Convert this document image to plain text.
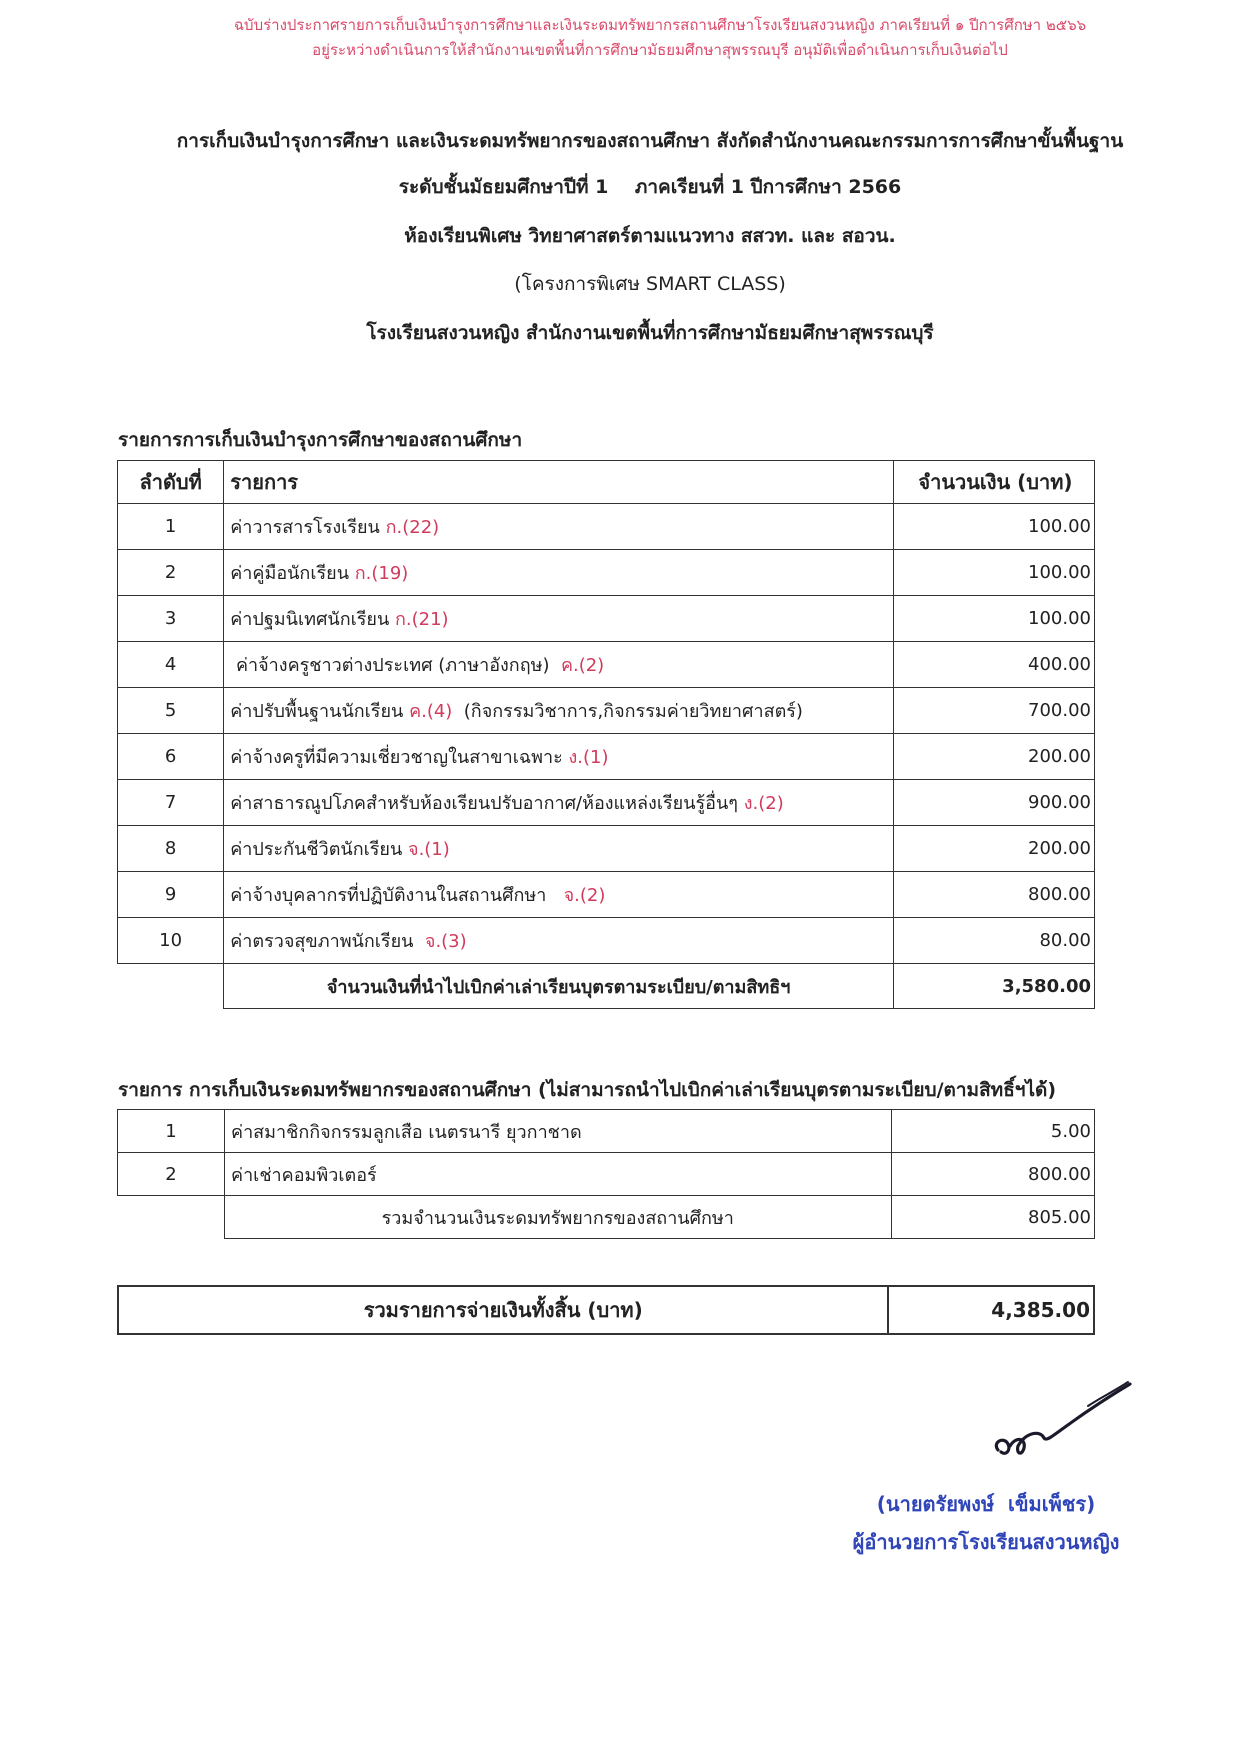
ฉบับร่างประกาศรายการเก็บเงินบำรุงการศึกษาและเงินระดมทรัพยากรสถานศึกษาโรงเรียนสงวนหญิง ภาคเรียนที่ ๑ ปีการศึกษา ๒๕๖๖
อยู่ระหว่างดำเนินการให้สำนักงานเขตพื้นที่การศึกษามัธยมศึกษาสุพรรณบุรี อนุมัติเพื่อดำเนินการเก็บเงินต่อไป
การเก็บเงินบำรุงการศึกษา และเงินระดมทรัพยากรของสถานศึกษา สังกัดสำนักงานคณะกรรมการการศึกษาขั้นพื้นฐาน
ระดับชั้นมัธยมศึกษาปีที่ 1    ภาคเรียนที่ 1 ปีการศึกษา 2566
ห้องเรียนพิเศษ วิทยาศาสตร์ตามแนวทาง สสวท. และ สอวน.
(โครงการพิเศษ SMART CLASS)
โรงเรียนสงวนหญิง สำนักงานเขตพื้นที่การศึกษามัธยมศึกษาสุพรรณบุรี
รายการการเก็บเงินบำรุงการศึกษาของสถานศึกษา
ลำดับที่	รายการ	จำนวนเงิน (บาท)
1	ค่าวารสารโรงเรียน ก.(22)	100.00
2	ค่าคู่มือนักเรียน ก.(19)	100.00
3	ค่าปฐมนิเทศนักเรียน ก.(21)	100.00
4	ค่าจ้างครูชาวต่างประเทศ (ภาษาอังกฤษ)  ค.(2)	400.00
5	ค่าปรับพื้นฐานนักเรียน ค.(4) (กิจกรรมวิชาการ,กิจกรรมค่ายวิทยาศาสตร์)	700.00
6	ค่าจ้างครูที่มีความเชี่ยวชาญในสาขาเฉพาะ ง.(1)	200.00
7	ค่าสาธารณูปโภคสำหรับห้องเรียนปรับอากาศ/ห้องแหล่งเรียนรู้อื่นๆ ง.(2)	900.00
8	ค่าประกันชีวิตนักเรียน จ.(1)	200.00
9	ค่าจ้างบุคลากรที่ปฏิบัติงานในสถานศึกษา   จ.(2)	800.00
10	ค่าตรวจสุขภาพนักเรียน  จ.(3)	80.00
	จำนวนเงินที่นำไปเบิกค่าเล่าเรียนบุตรตามระเบียบ/ตามสิทธิฯ	3,580.00
รายการ การเก็บเงินระดมทรัพยากรของสถานศึกษา (ไม่สามารถนำไปเบิกค่าเล่าเรียนบุตรตามระเบียบ/ตามสิทธิ์ฯได้)
1	ค่าสมาชิกกิจกรรมลูกเสือ เนตรนารี ยุวกาชาด	5.00
2	ค่าเช่าคอมพิวเตอร์	800.00
	รวมจำนวนเงินระดมทรัพยากรของสถานศึกษา	805.00
รวมรายการจ่ายเงินทั้งสิ้น (บาท)	4,385.00
(นายตรัยพงษ์  เข็มเพ็ชร)
ผู้อำนวยการโรงเรียนสงวนหญิง
